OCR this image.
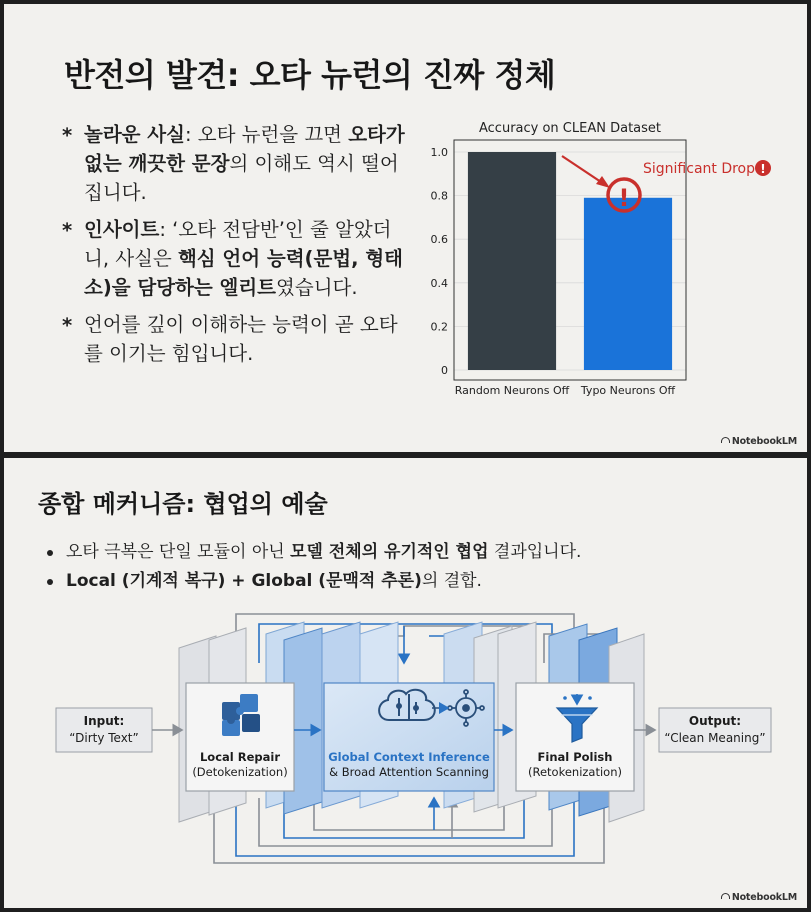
반전의 발견: 오타 뉴런의 진짜 정체
* 놀라운 사실: 오타 뉴런을 끄면 오타가 없는 깨끗한 문장의 이해도 역시 떨어집니다.
* 인사이트: ‘오타 전담반’인 줄 알았더니, 사실은 핵심 언어 능력(문법, 형태소)을 담당하는 엘리트였습니다.
* 언어를 깊이 이해하는 능력이 곧 오타를 이기는 힘입니다.
Accuracy on CLEAN Dataset
0
0.2
0.4
0.6
0.8
1.0
Random Neurons Off Typo Neurons Off
!
Significant Drop !
NotebookLM
종합 메커니즘: 협업의 예술
오타 극복은 단일 모듈이 아닌 모델 전체의 유기적인 협업 결과입니다.
Local (기계적 복구) + Global (문맥적 추론)의 결합.
Input:
“Dirty Text”
Output:
“Clean Meaning”
Local Repair
(Detokenization)
Global Context Inference
& Broad Attention Scanning
Final Polish
(Retokenization)
NotebookLM
